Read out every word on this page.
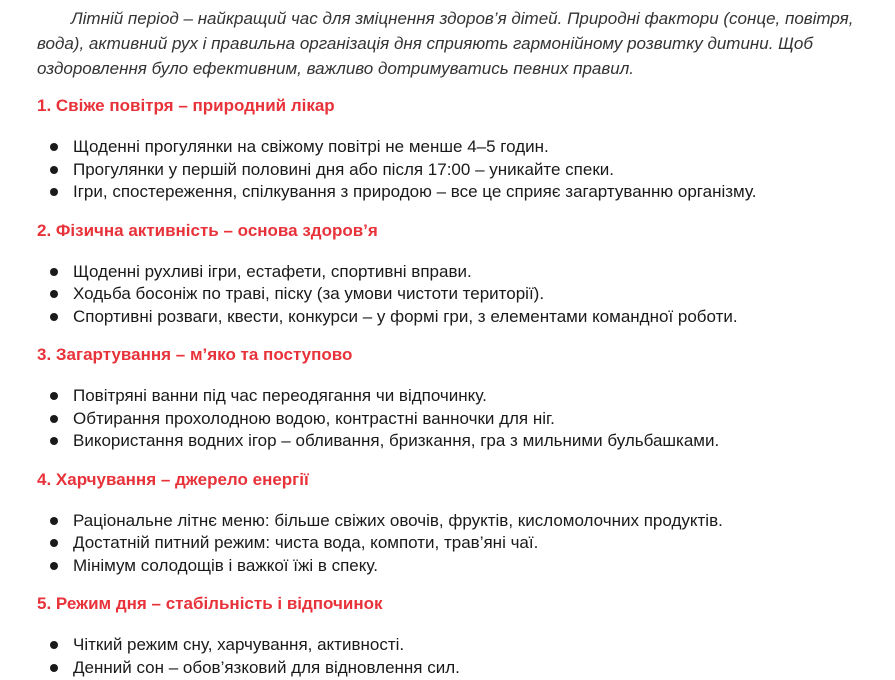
Літній період – найкращий час для зміцнення здоров’я дітей. Природні фактори (сонце, повітря, вода), активний рух і правильна організація дня сприяють гармонійному розвитку дитини. Щоб оздоровлення було ефективним, важливо дотримуватись певних правил.

1. Свіже повітря – природний лікар
Щоденні прогулянки на свіжому повітрі не менше 4–5 годин.
Прогулянки у першій половині дня або після 17:00 – уникайте спеки.
Ігри, спостереження, спілкування з природою – все це сприяє загартуванню організму.
2. Фізична активність – основа здоров’я
Щоденні рухливі ігри, естафети, спортивні вправи.
Ходьба босоніж по траві, піску (за умови чистоти території).
Спортивні розваги, квести, конкурси – у формі гри, з елементами командної роботи.
3. Загартування – м’яко та поступово
Повітряні ванни під час переодягання чи відпочинку.
Обтирання прохолодною водою, контрастні ванночки для ніг.
Використання водних ігор – обливання, бризкання, гра з мильними бульбашками.
4. Харчування – джерело енергії
Раціональне літнє меню: більше свіжих овочів, фруктів, кисломолочних продуктів.
Достатній питний режим: чиста вода, компоти, трав’яні чаї.
Мінімум солодощів і важкої їжі в спеку.
5. Режим дня – стабільність і відпочинок
Чіткий режим сну, харчування, активності.
Денний сон – обов’язковий для відновлення сил.
